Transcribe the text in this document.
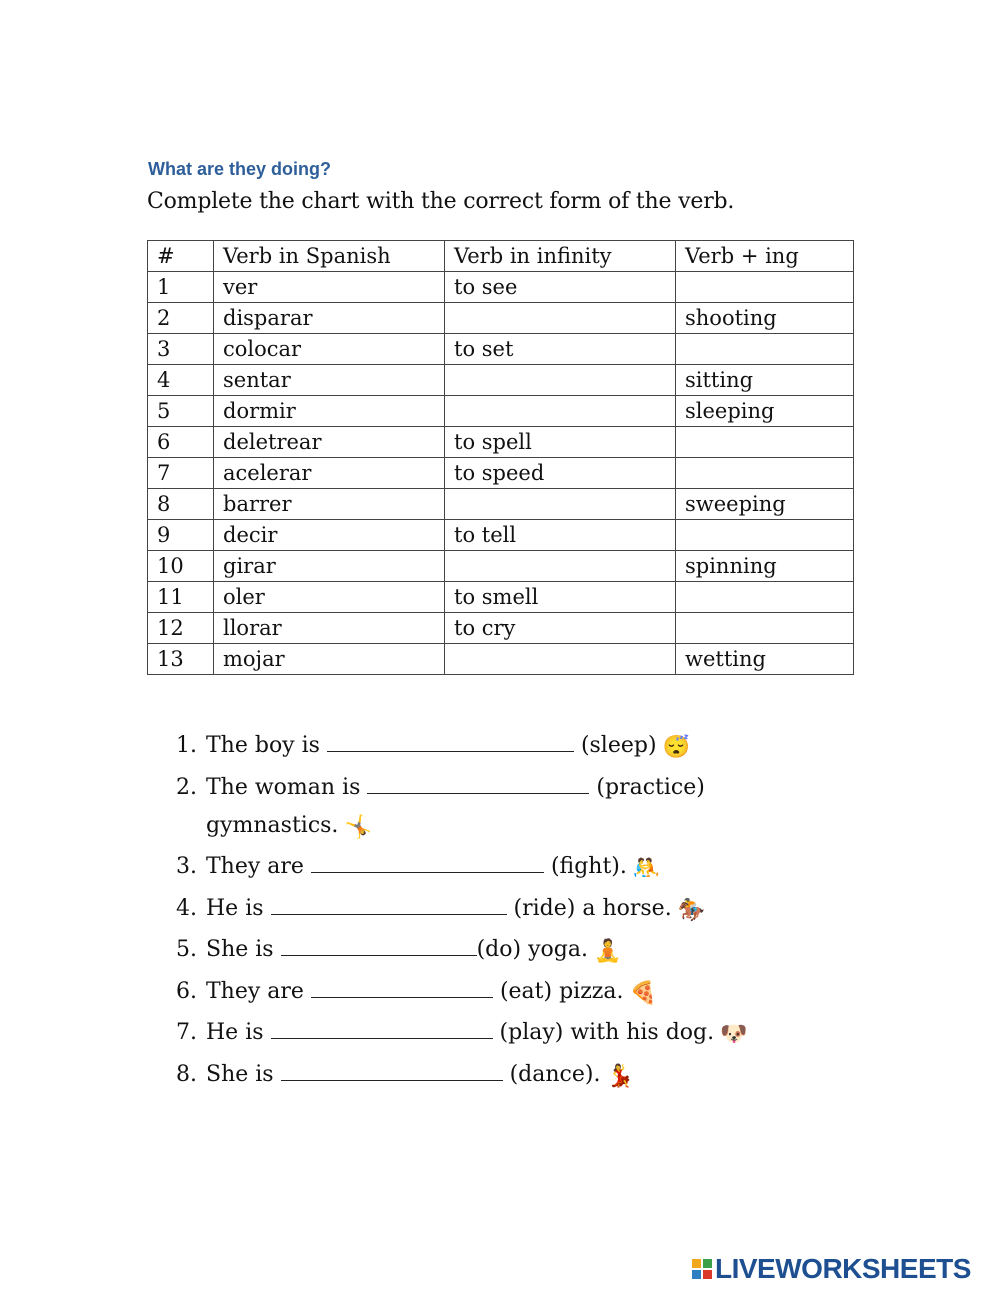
What are they doing?
Complete the chart with the correct form of the verb.
#	Verb in Spanish	Verb in infinity	Verb + ing
1	ver	to see	
2	disparar		shooting
3	colocar	to set	
4	sentar		sitting
5	dormir		sleeping
6	deletrear	to spell	
7	acelerar	to speed	
8	barrer		sweeping
9	decir	to tell	
10	girar		spinning
11	oler	to smell	
12	llorar	to cry	
13	mojar		wetting
1. The boy is	(sleep) 😴
2. The woman is	(practice)
gymnastics. 🤸
3. They are	(fight). 🤼
4. He is	(ride) a horse. 🏇
5. She is	(do) yoga. 🧘
6. They are	(eat) pizza. 🍕
7. He is	(play) with his dog. 🐶
8. She is	(dance). 💃
LIVEWORKSHEETS
